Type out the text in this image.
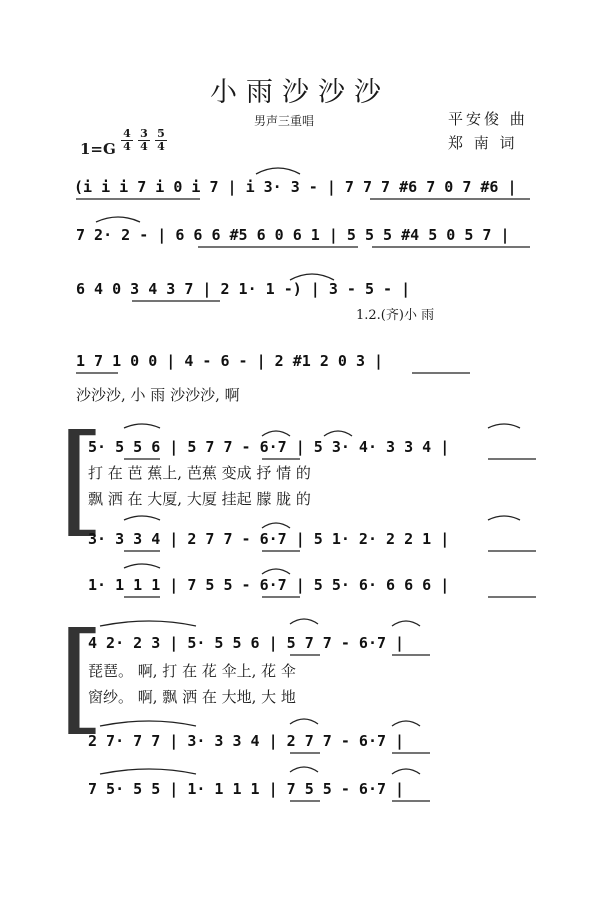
小雨沙沙沙
男声三重唱	平安俊 曲
郑 南 词
1=G
4
4
3
4
5
4
(i i i 7 i 0 i 7 | i 3· 3 - | 7 7 7 #6 7 0 7 #6 |
7 2· 2 - | 6 6 6 #5 6 0 6 1 | 5 5 5 #4 5 0 5 7 |
6 4 0 3 4 3 7 | 2 1· 1 -) | 3 - 5 - |
1.2.(齐)小 雨
1 7 1 0 0 | 4 - 6 - | 2 #1 2 0 3 |
沙沙沙, 小 雨 沙沙沙, 啊
[
5· 5 5 6 | 5 7 7 - 6·7 | 5 3· 4· 3 3 4 |
打 在 芭 蕉上, 芭蕉 变成 抒 情 的
飘 洒 在 大厦, 大厦 挂起 朦 胧 的
3· 3 3 4 | 2 7 7 - 6·7 | 5 1· 2· 2 2 1 |
1· 1 1 1 | 7 5 5 - 6·7 | 5 5· 6· 6 6 6 |
[
4 2· 2 3 | 5· 5 5 6 | 5 7 7 - 6·7 |
琵琶。 啊, 打 在 花 伞上, 花 伞
窗纱。 啊, 飘 洒 在 大地, 大 地
2 7· 7 7 | 3· 3 3 4 | 2 7 7 - 6·7 |
7 5· 5 5 | 1· 1 1 1 | 7 5 5 - 6·7 |
